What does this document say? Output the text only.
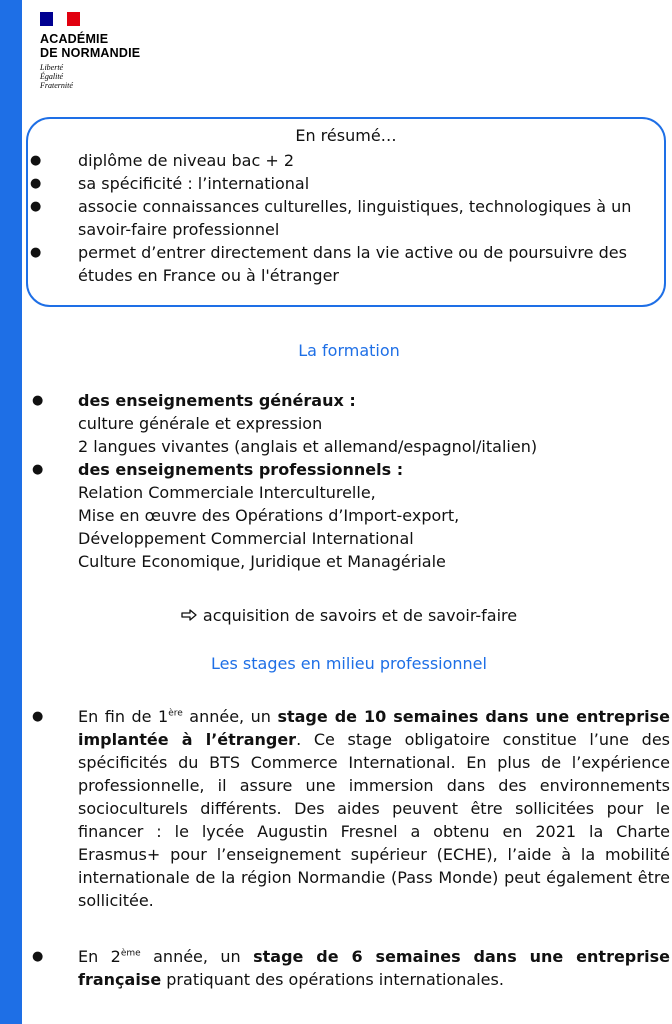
ACADÉMIE
DE NORMANDIE
Liberté
Égalité
Fraternité
En résumé…
● diplôme de niveau bac + 2
● sa spécificité : l’international
● associe connaissances culturelles, linguistiques, technologiques à un savoir-faire professionnel
● permet d’entrer directement dans la vie active ou de poursuivre des études en France ou à l'étranger
La formation
● des enseignements généraux :
culture générale et expression
2 langues vivantes (anglais et allemand/espagnol/italien)
● des enseignements professionnels :
Relation Commerciale Interculturelle,
Mise en œuvre des Opérations d’Import-export,
Développement Commercial International
Culture Economique, Juridique et Managériale
acquisition de savoirs et de savoir-faire
Les stages en milieu professionnel
● En fin de 1ère année, un stage de 10 semaines dans une entreprise implantée à l’étranger. Ce stage obligatoire constitue l’une des spécificités du BTS Commerce International. En plus de l’expérience professionnelle, il assure une immersion dans des environnements socioculturels différents. Des aides peuvent être sollicitées pour le financer : le lycée Augustin Fresnel a obtenu en 2021 la Charte Erasmus+ pour l’enseignement supérieur (ECHE), l’aide à la mobilité internationale de la région Normandie (Pass Monde) peut également être sollicitée.
● En 2ème année, un stage de 6 semaines dans une entreprise française pratiquant des opérations internationales.
